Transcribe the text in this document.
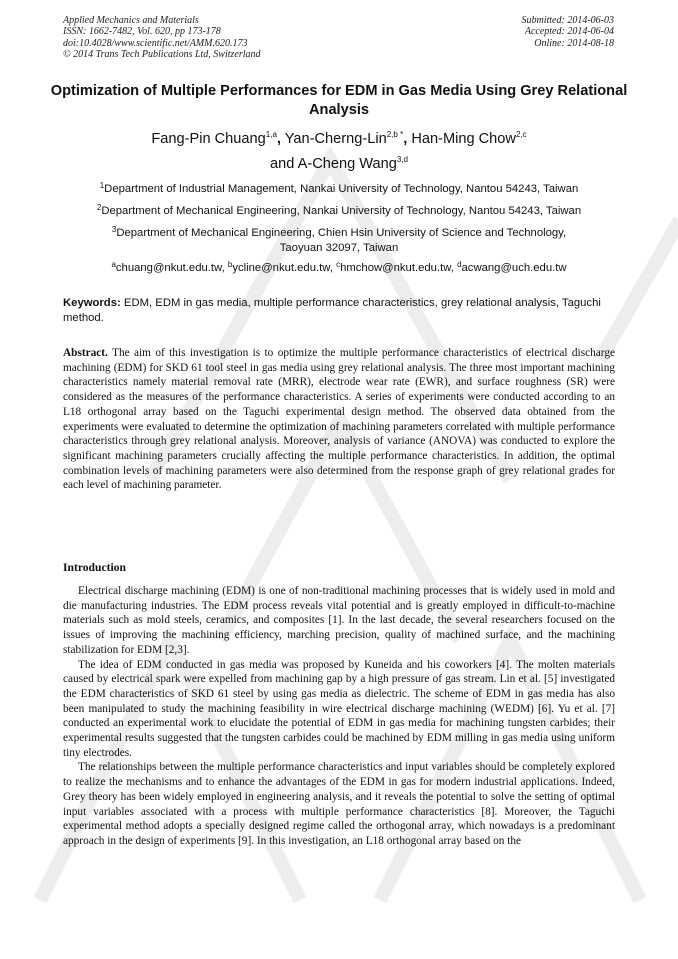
Applied Mechanics and Materials
ISSN: 1662-7482, Vol. 620, pp 173-178
doi:10.4028/www.scientific.net/AMM.620.173
© 2014 Trans Tech Publications Ltd, Switzerland
Submitted: 2014-06-03
Accepted: 2014-06-04
Online: 2014-08-18
Optimization of Multiple Performances for EDM in Gas Media Using Grey Relational Analysis
Fang-Pin Chuang$^{1,a}$, Yan-Cherng-Lin$^{2,b *}$, Han-Ming Chow$^{2,c}$
and A-Cheng Wang$^{3,d}$
$^1$Department of Industrial Management, Nankai University of Technology, Nantou 54243, Taiwan
$^2$Department of Mechanical Engineering, Nankai University of Technology, Nantou 54243, Taiwan
$^3$Department of Mechanical Engineering, Chien Hsin University of Science and Technology,
Taoyuan 32097, Taiwan
$^a$chuang@nkut.edu.tw, $^b$ycline@nkut.edu.tw, $^c$hmchow@nkut.edu.tw, $^d$acwang@uch.edu.tw
Keywords: EDM, EDM in gas media, multiple performance characteristics, grey relational analysis, Taguchi method.
Abstract. The aim of this investigation is to optimize the multiple performance characteristics of electrical discharge machining (EDM) for SKD 61 tool steel in gas media using grey relational analysis. The three most important machining characteristics namely material removal rate (MRR), electrode wear rate (EWR), and surface roughness (SR) were considered as the measures of the performance characteristics. A series of experiments were conducted according to an L18 orthogonal array based on the Taguchi experimental design method. The observed data obtained from the experiments were evaluated to determine the optimization of machining parameters correlated with multiple performance characteristics through grey relational analysis. Moreover, analysis of variance (ANOVA) was conducted to explore the significant machining parameters crucially affecting the multiple performance characteristics. In addition, the optimal combination levels of machining parameters were also determined from the response graph of grey relational grades for each level of machining parameter.
Introduction

Electrical discharge machining (EDM) is one of non-traditional machining processes that is widely used in mold and die manufacturing industries. The EDM process reveals vital potential and is greatly employed in difficult-to-machine materials such as mold steels, ceramics, and composites [1]. In the last decade, the several researchers focused on the issues of improving the machining efficiency, marching precision, quality of machined surface, and the machining stabilization for EDM [2,3].

The idea of EDM conducted in gas media was proposed by Kuneida and his coworkers [4]. The molten materials caused by electrical spark were expelled from machining gap by a high pressure of gas stream. Lin et al. [5] investigated the EDM characteristics of SKD 61 steel by using gas media as dielectric. The scheme of EDM in gas media has also been manipulated to study the machining feasibility in wire electrical discharge machining (WEDM) [6]. Yu et al. [7] conducted an experimental work to elucidate the potential of EDM in gas media for machining tungsten carbides; their experimental results suggested that the tungsten carbides could be machined by EDM milling in gas media using uniform tiny electrodes.

The relationships between the multiple performance characteristics and input variables should be completely explored to realize the mechanisms and to enhance the advantages of the EDM in gas for modern industrial applications. Indeed, Grey theory has been widely employed in engineering analysis, and it reveals the potential to solve the setting of optimal input variables associated with a process with multiple performance characteristics [8]. Moreover, the Taguchi experimental method adopts a specially designed regime called the orthogonal array, which nowadays is a predominant approach in the design of experiments [9]. In this investigation, an L18 orthogonal array based on the
